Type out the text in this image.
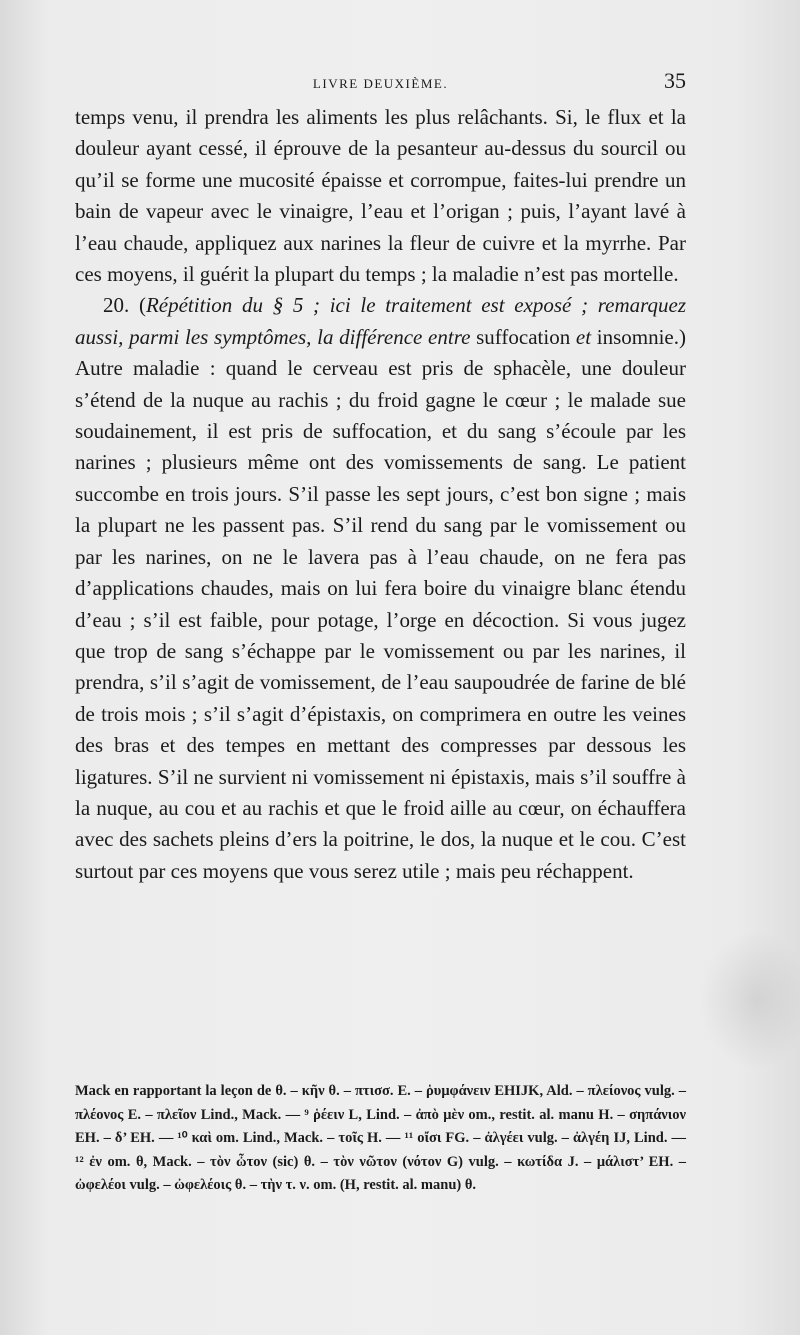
LIVRE DEUXIÈME.	35

temps venu, il prendra les aliments les plus relâchants. Si, le flux et la douleur ayant cessé, il éprouve de la pesanteur au-dessus du sourcil ou qu’il se forme une mucosité épaisse et corrompue, faites-lui prendre un bain de vapeur avec le vinaigre, l’eau et l’origan ; puis, l’ayant lavé à l’eau chaude, appliquez aux narines la fleur de cuivre et la myrrhe. Par ces moyens, il guérit la plupart du temps ; la maladie n’est pas mortelle.

20. (Répétition du § 5 ; ici le traitement est exposé ; remarquez aussi, parmi les symptômes, la différence entre suffocation et insomnie.) Autre maladie : quand le cerveau est pris de sphacèle, une douleur s’étend de la nuque au rachis ; du froid gagne le cœur ; le malade sue soudainement, il est pris de suffocation, et du sang s’écoule par les narines ; plusieurs même ont des vomissements de sang. Le patient succombe en trois jours. S’il passe les sept jours, c’est bon signe ; mais la plupart ne les passent pas. S’il rend du sang par le vomissement ou par les narines, on ne le lavera pas à l’eau chaude, on ne fera pas d’applications chaudes, mais on lui fera boire du vinaigre blanc étendu d’eau ; s’il est faible, pour potage, l’orge en décoction. Si vous jugez que trop de sang s’échappe par le vomissement ou par les narines, il prendra, s’il s’agit de vomissement, de l’eau saupoudrée de farine de blé de trois mois ; s’il s’agit d’épistaxis, on comprimera en outre les veines des bras et des tempes en mettant des compresses par dessous les ligatures. S’il ne survient ni vomissement ni épistaxis, mais s’il souffre à la nuque, au cou et au rachis et que le froid aille au cœur, on échauffera avec des sachets pleins d’ers la poitrine, le dos, la nuque et le cou. C’est surtout par ces moyens que vous serez utile ; mais peu réchappent.

Mack en rapportant la leçon de θ. – κῆν θ. – πτισσ. E. – ῥυμφάνειν EHIJK, Ald. – πλείονος vulg. – πλέονος E. – πλεῖον Lind., Mack. — ⁹ ῥέειν L, Lind. – ἀπὸ μὲν om., restit. al. manu H. – σηπάνιον EH. – δ’ EH. — ¹⁰ καὶ om. Lind., Mack. – τοῖς H. — ¹¹ οἴσι FG. – ἀλγέει vulg. – ἀλγέη IJ, Lind. — ¹² ἐν om. θ, Mack. – τὸν ὦτον (sic) θ. – τὸν νῶτον (νότον G) vulg. – κωτίδα J. – μάλιστ’ EH. – ὠφελέοι vulg. – ὠφελέοις θ. – τὴν τ. ν. om. (H, restit. al. manu) θ.
